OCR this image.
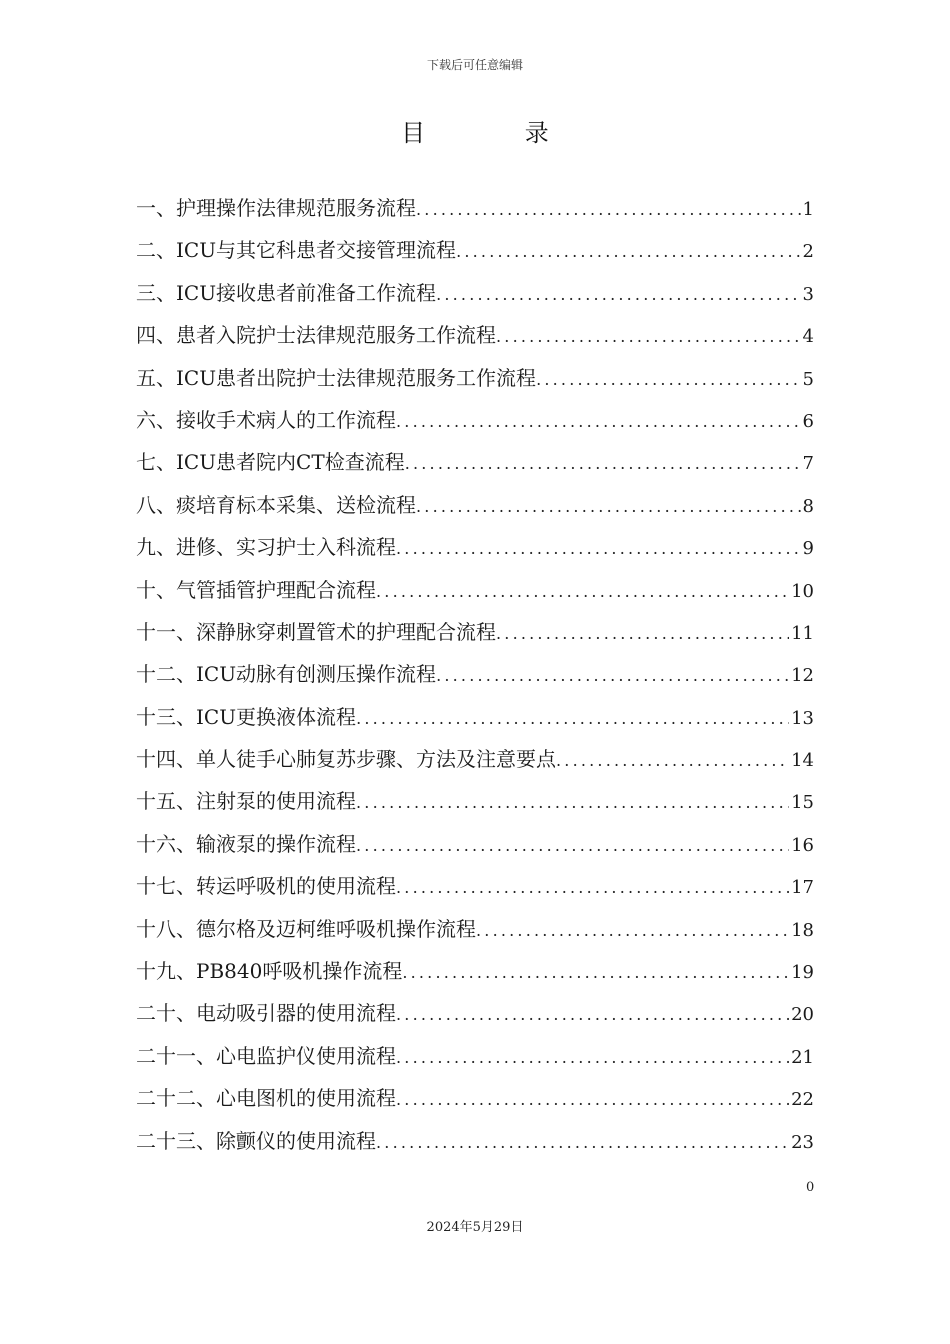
下载后可任意编辑
目 录
一、护理操作法律规范服务流程 .....	1
二、ICU与其它科患者交接管理流程 .....	2
三、ICU接收患者前准备工作流程 .....	3
四、患者入院护士法律规范服务工作流程 .....	4
五、ICU患者出院护士法律规范服务工作流程 .....	5
六、接收手术病人的工作流程 .....	6
七、ICU患者院内CT检查流程 .....	7
八、痰培育标本采集、送检流程 .....	8
九、进修、实习护士入科流程 .....	9
十、气管插管护理配合流程 .....	10
十一、深静脉穿刺置管术的护理配合流程 .....	11
十二、ICU动脉有创测压操作流程 .....	12
十三、ICU更换液体流程 .....	13
十四、单人徒手心肺复苏步骤、方法及注意要点 .....	14
十五、注射泵的使用流程 .....	15
十六、输液泵的操作流程 .....	16
十七、转运呼吸机的使用流程 .....	17
十八、德尔格及迈柯维呼吸机操作流程 .....	18
十九、PB840呼吸机操作流程 .....	19
二十、电动吸引器的使用流程 .....	20
二十一、心电监护仪使用流程 .....	21
二十二、心电图机的使用流程 .....	22
二十三、除颤仪的使用流程 .....	23
0
2024年5月29日
